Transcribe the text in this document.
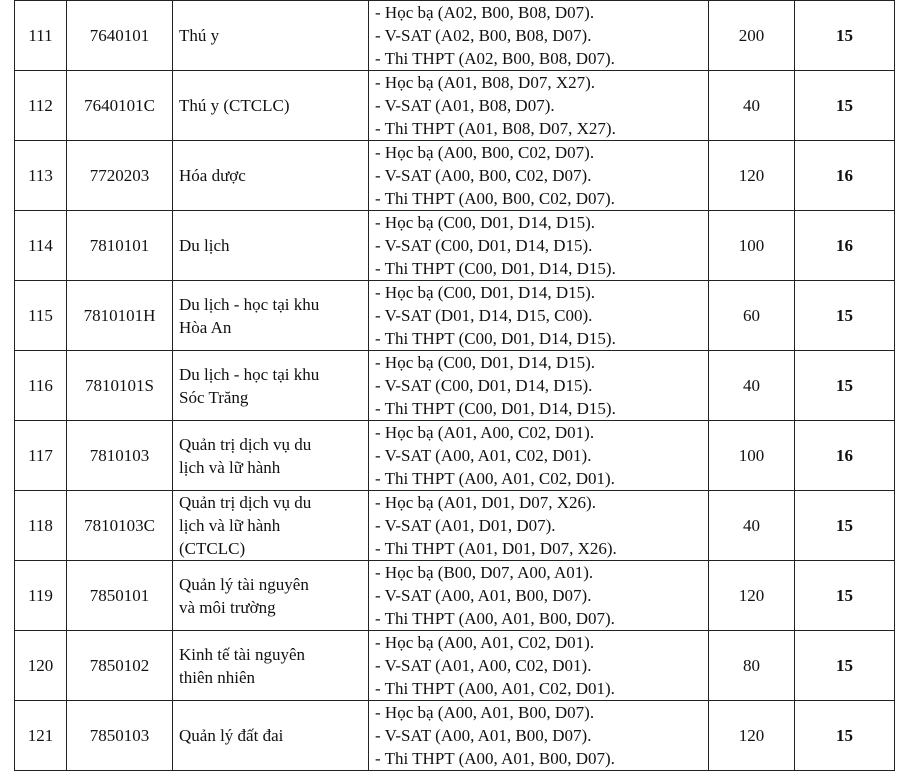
111	7640101	Thú y	- Học bạ (A02, B00, B08, D07).
- V-SAT (A02, B00, B08, D07).
- Thi THPT (A02, B00, B08, D07).	200	15
112	7640101C	Thú y (CTCLC)	- Học bạ (A01, B08, D07, X27).
- V-SAT (A01, B08, D07).
- Thi THPT (A01, B08, D07, X27).	40	15
113	7720203	Hóa dược	- Học bạ (A00, B00, C02, D07).
- V-SAT (A00, B00, C02, D07).
- Thi THPT (A00, B00, C02, D07).	120	16
114	7810101	Du lịch	- Học bạ (C00, D01, D14, D15).
- V-SAT (C00, D01, D14, D15).
- Thi THPT (C00, D01, D14, D15).	100	16
115	7810101H	Du lịch - học tại khu
Hòa An	- Học bạ (C00, D01, D14, D15).
- V-SAT (D01, D14, D15, C00).
- Thi THPT (C00, D01, D14, D15).	60	15
116	7810101S	Du lịch - học tại khu
Sóc Trăng	- Học bạ (C00, D01, D14, D15).
- V-SAT (C00, D01, D14, D15).
- Thi THPT (C00, D01, D14, D15).	40	15
117	7810103	Quản trị dịch vụ du
lịch và lữ hành	- Học bạ (A01, A00, C02, D01).
- V-SAT (A00, A01, C02, D01).
- Thi THPT (A00, A01, C02, D01).	100	16
118	7810103C	Quản trị dịch vụ du
lịch và lữ hành
(CTCLC)	- Học bạ (A01, D01, D07, X26).
- V-SAT (A01, D01, D07).
- Thi THPT (A01, D01, D07, X26).	40	15
119	7850101	Quản lý tài nguyên
và môi trường	- Học bạ (B00, D07, A00, A01).
- V-SAT (A00, A01, B00, D07).
- Thi THPT (A00, A01, B00, D07).	120	15
120	7850102	Kinh tế tài nguyên
thiên nhiên	- Học bạ (A00, A01, C02, D01).
- V-SAT (A01, A00, C02, D01).
- Thi THPT (A00, A01, C02, D01).	80	15
121	7850103	Quản lý đất đai	- Học bạ (A00, A01, B00, D07).
- V-SAT (A00, A01, B00, D07).
- Thi THPT (A00, A01, B00, D07).	120	15
